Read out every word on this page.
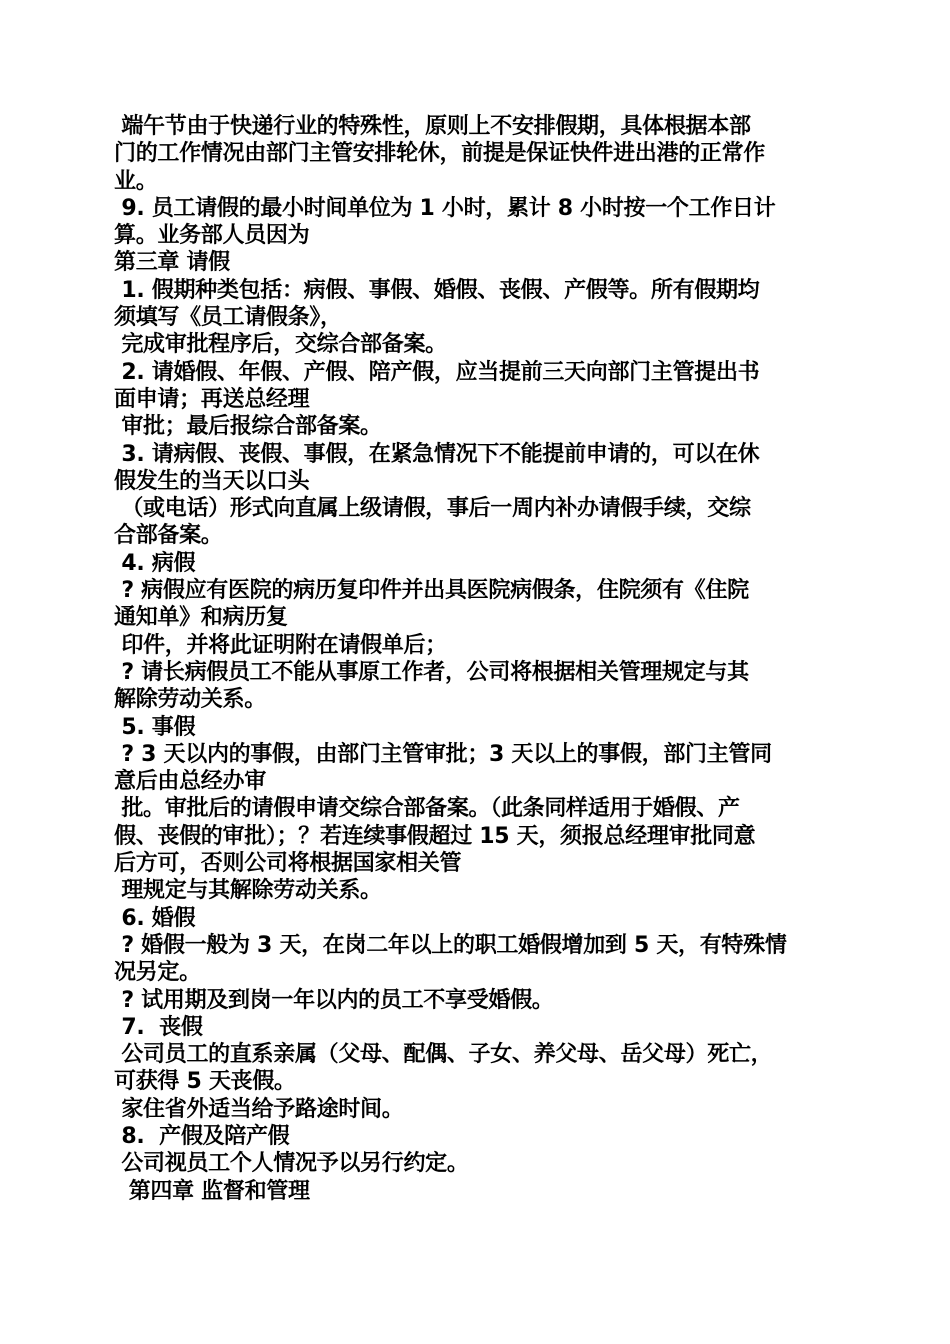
端午节由于快递行业的特殊性，原则上不安排假期，具体根据本部
门的工作情况由部门主管安排轮休，前提是保证快件进出港的正常作
业。
9. 员工请假的最小时间单位为 1 小时，累计 8 小时按一个工作日计
算。业务部人员因为
第三章 请假
1. 假期种类包括：病假、事假、婚假、丧假、产假等。所有假期均
须填写《员工请假条》，
完成审批程序后，交综合部备案。
2. 请婚假、年假、产假、陪产假，应当提前三天向部门主管提出书
面申请；再送总经理
审批；最后报综合部备案。
3. 请病假、丧假、事假，在紧急情况下不能提前申请的，可以在休
假发生的当天以口头
（或电话）形式向直属上级请假，事后一周内补办请假手续，交综
合部备案。
4. 病假
? 病假应有医院的病历复印件并出具医院病假条，住院须有《住院
通知单》和病历复
印件，并将此证明附在请假单后；
? 请长病假员工不能从事原工作者，公司将根据相关管理规定与其
解除劳动关系。
5. 事假
? 3 天以内的事假，由部门主管审批；3 天以上的事假，部门主管同
意后由总经办审
批。审批后的请假申请交综合部备案。（此条同样适用于婚假、产
假、丧假的审批）；？若连续事假超过 15 天，须报总经理审批同意
后方可，否则公司将根据国家相关管
理规定与其解除劳动关系。
6. 婚假
? 婚假一般为 3 天，在岗二年以上的职工婚假增加到 5 天，有特殊情
况另定。
? 试用期及到岗一年以内的员工不享受婚假。
7.  丧假
公司员工的直系亲属（父母、配偶、子女、养父母、岳父母）死亡，
可获得 5 天丧假。
家住省外适当给予路途时间。
8.  产假及陪产假
公司视员工个人情况予以另行约定。
第四章 监督和管理
